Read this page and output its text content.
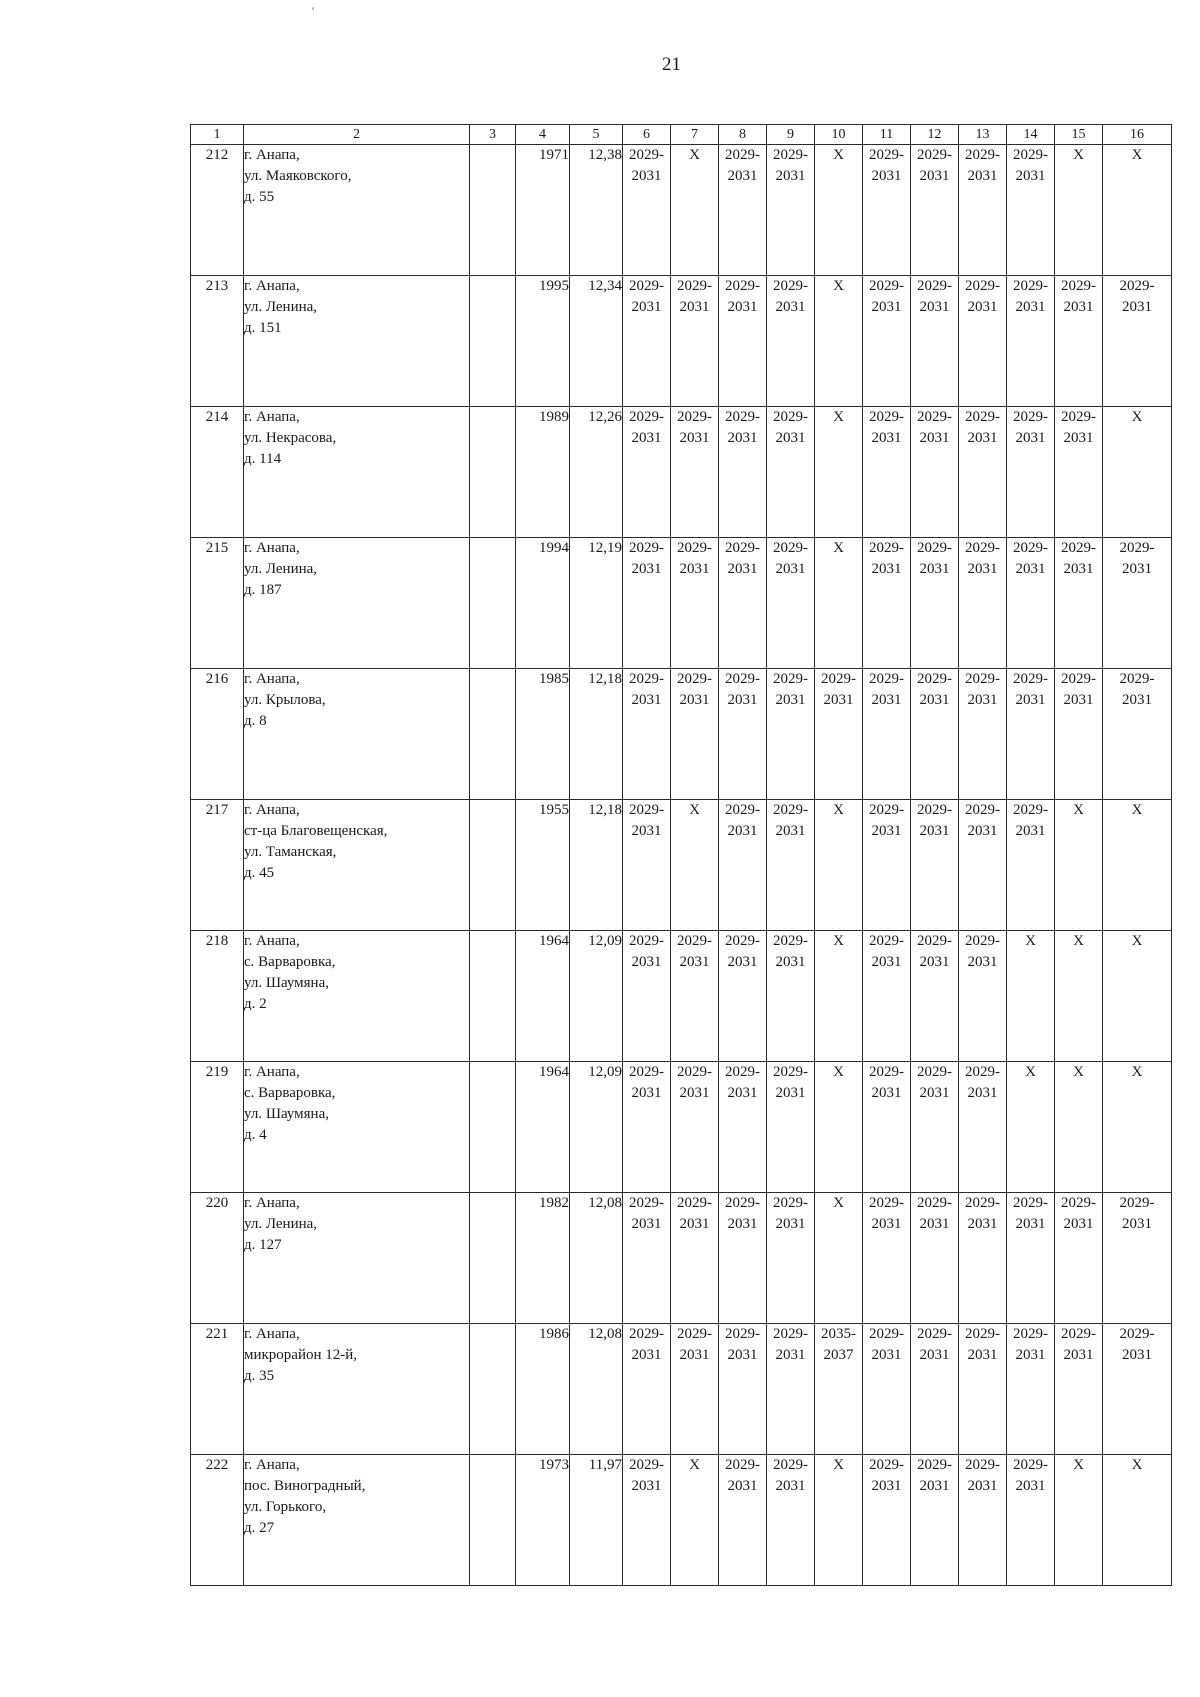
′
21
1	2	3	4	5	6	7	8	9	10	11	12	13	14	15	16
212	г. Анапа,
ул. Маяковского,
д. 55		1971	12,38	2029-
2031	Х	2029-
2031	2029-
2031	Х	2029-
2031	2029-
2031	2029-
2031	2029-
2031	Х	Х
213	г. Анапа,
ул. Ленина,
д. 151		1995	12,34	2029-
2031	2029-
2031	2029-
2031	2029-
2031	Х	2029-
2031	2029-
2031	2029-
2031	2029-
2031	2029-
2031	2029-
2031

214	г. Анапа,
ул. Некрасова,
д. 114		1989	12,26	2029-
2031	2029-
2031	2029-
2031	2029-
2031	Х	2029-
2031	2029-
2031	2029-
2031	2029-
2031	2029-
2031	Х
215	г. Анапа,
ул. Ленина,
д. 187		1994	12,19	2029-
2031	2029-
2031	2029-
2031	2029-
2031	Х	2029-
2031	2029-
2031	2029-
2031	2029-
2031	2029-
2031	2029-
2031

216	г. Анапа,
ул. Крылова,
д. 8		1985	12,18	2029-
2031	2029-
2031	2029-
2031	2029-
2031	2029-
2031	2029-
2031	2029-
2031	2029-
2031	2029-
2031	2029-
2031	2029-
2031

217	г. Анапа,
ст-ца Благовещенская,
ул. Таманская,
д. 45		1955	12,18	2029-
2031	Х	2029-
2031	2029-
2031	Х	2029-
2031	2029-
2031	2029-
2031	2029-
2031	Х	Х
218	г. Анапа,
с. Варваровка,
ул. Шаумяна,
д. 2		1964	12,09	2029-
2031	2029-
2031	2029-
2031	2029-
2031	Х	2029-
2031	2029-
2031	2029-
2031	Х	Х	Х
219	г. Анапа,
с. Варваровка,
ул. Шаумяна,
д. 4		1964	12,09	2029-
2031	2029-
2031	2029-
2031	2029-
2031	Х	2029-
2031	2029-
2031	2029-
2031	Х	Х	Х
220	г. Анапа,
ул. Ленина,
д. 127		1982	12,08	2029-
2031	2029-
2031	2029-
2031	2029-
2031	Х	2029-
2031	2029-
2031	2029-
2031	2029-
2031	2029-
2031	2029-
2031

221	г. Анапа,
микрорайон 12-й,
д. 35		1986	12,08	2029-
2031	2029-
2031	2029-
2031	2029-
2031	2035-
2037	2029-
2031	2029-
2031	2029-
2031	2029-
2031	2029-
2031	2029-
2031

222	г. Анапа,
пос. Виноградный,
ул. Горького,
д. 27		1973	11,97	2029-
2031	Х	2029-
2031	2029-
2031	Х	2029-
2031	2029-
2031	2029-
2031	2029-
2031	Х	Х
